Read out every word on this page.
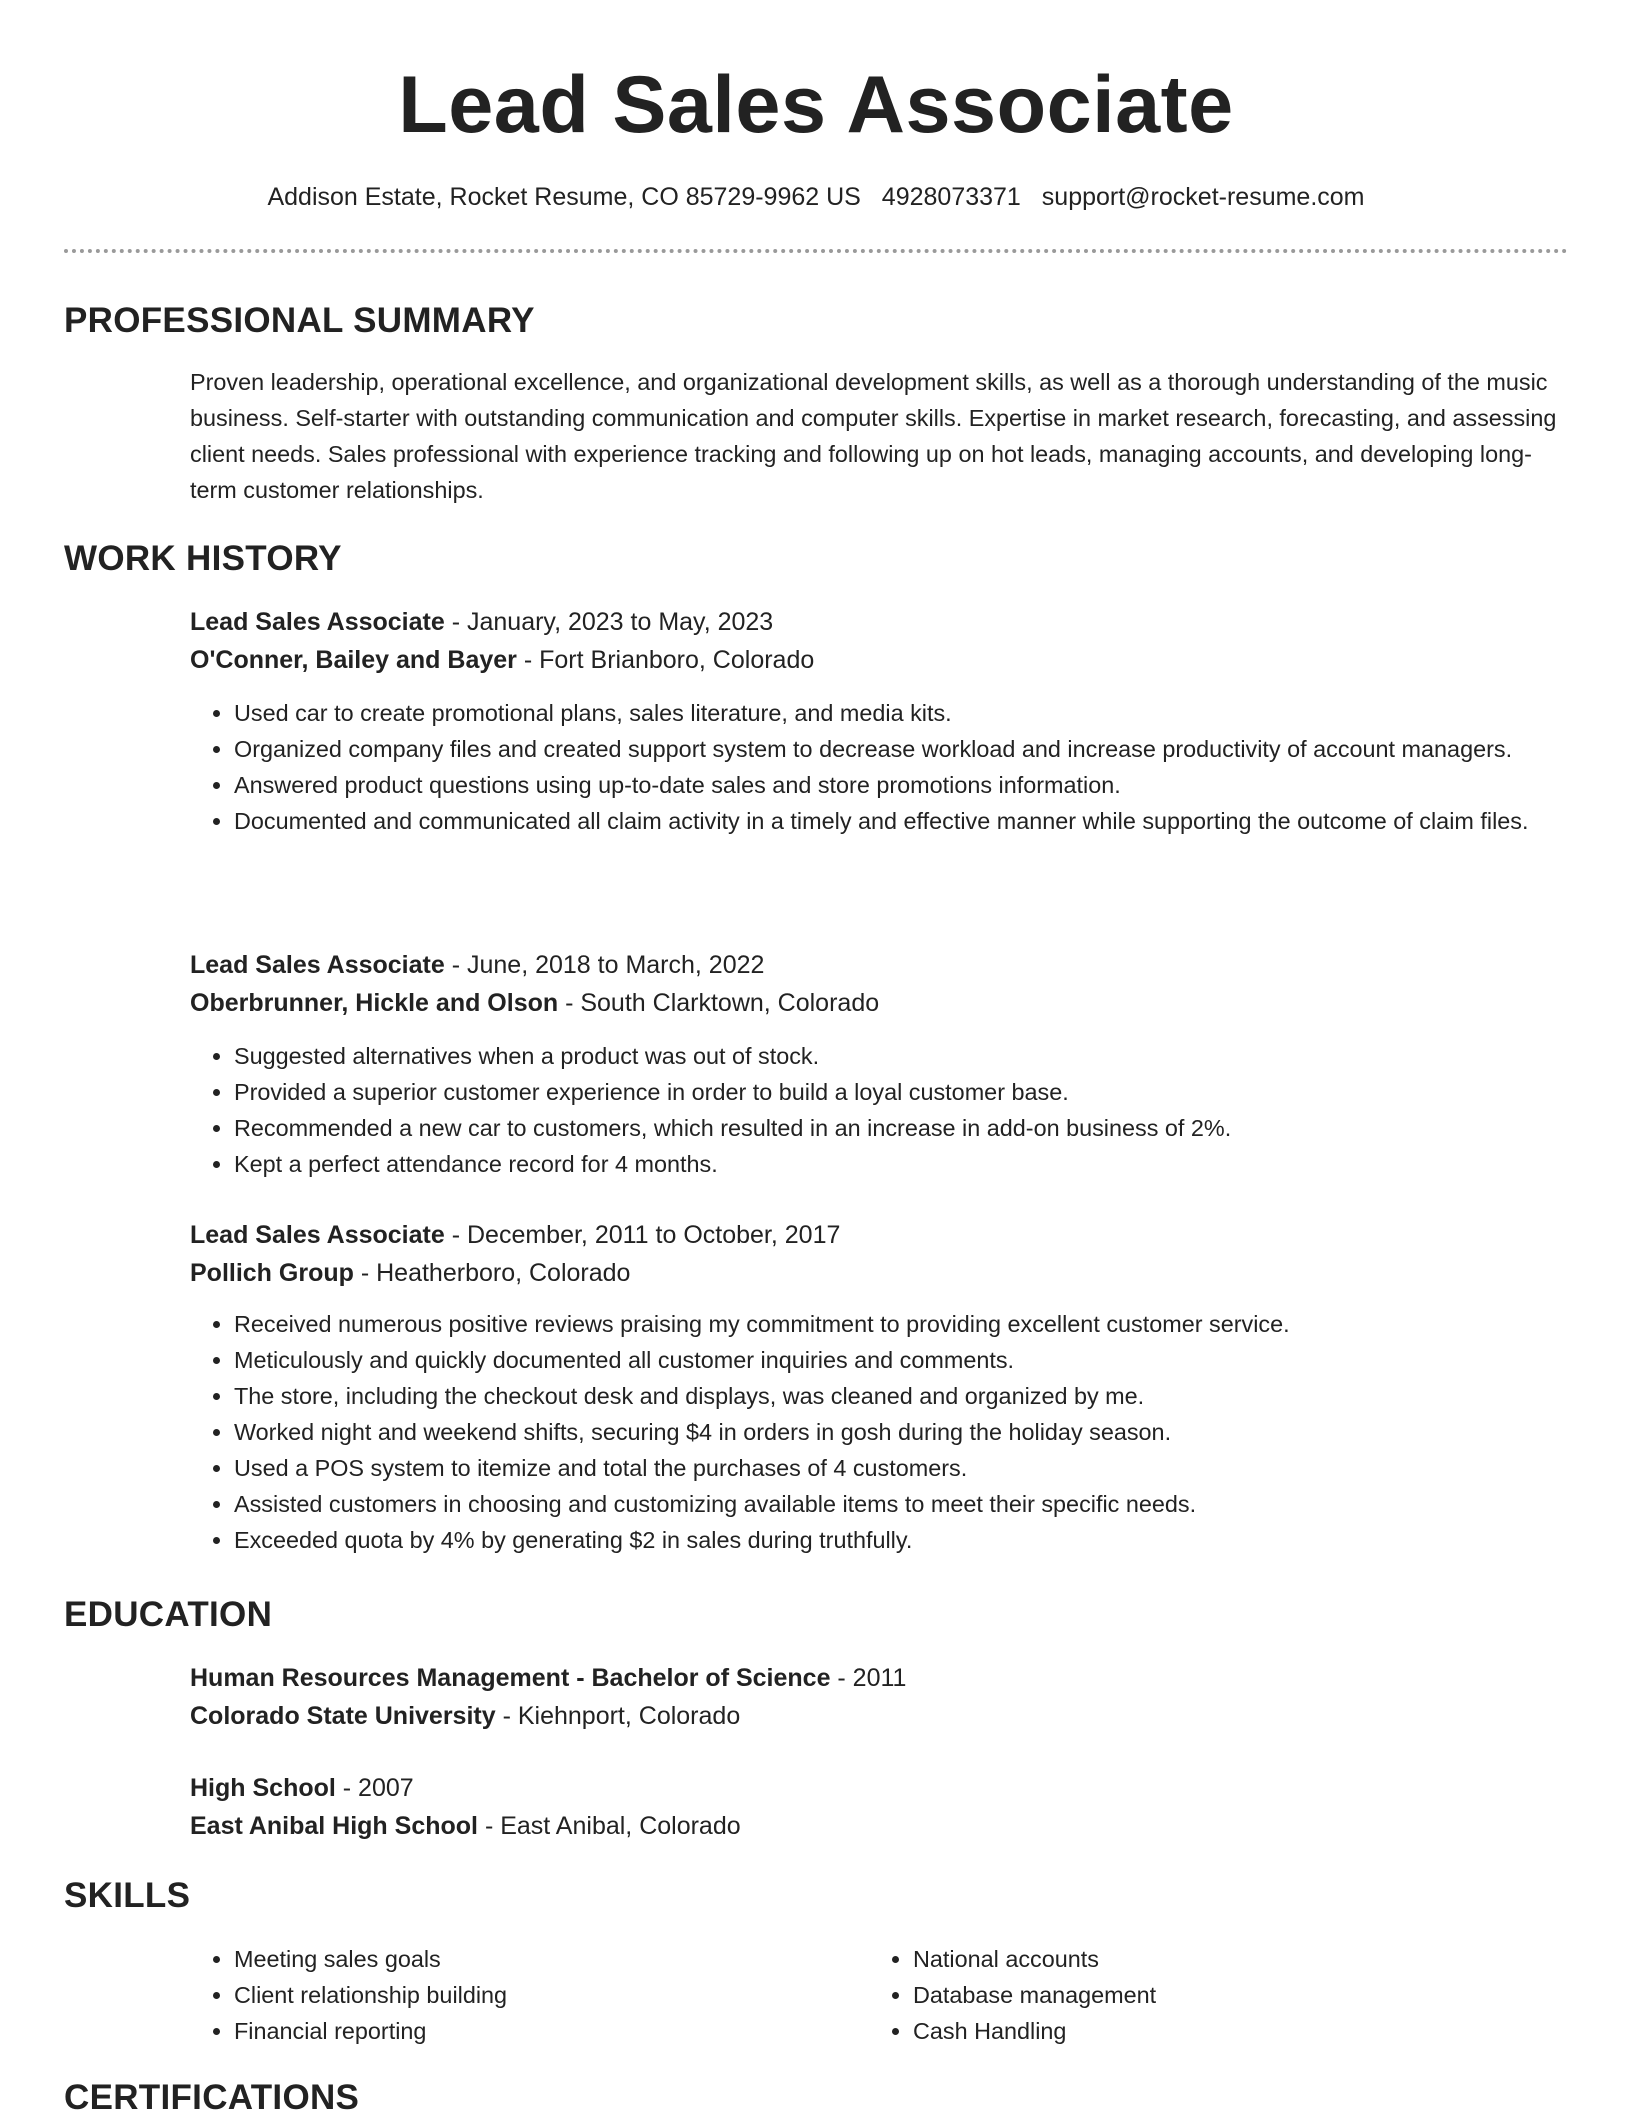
Lead Sales Associate
Addison Estate, Rocket Resume, CO 85729-9962 US 4928073371 support@rocket-resume.com
PROFESSIONAL SUMMARY

Proven leadership, operational excellence, and organizational development skills, as well as a thorough understanding of the music business. Self-starter with outstanding communication and computer skills. Expertise in market research, forecasting, and assessing client needs. Sales professional with experience tracking and following up on hot leads, managing accounts, and developing long-term customer relationships.

WORK HISTORY
Lead Sales Associate - January, 2023 to May, 2023
O'Conner, Bailey and Bayer - Fort Brianboro, Colorado
• Used car to create promotional plans, sales literature, and media kits.
• Organized company files and created support system to decrease workload and increase productivity of account managers.
• Answered product questions using up-to-date sales and store promotions information.
• Documented and communicated all claim activity in a timely and effective manner while supporting the outcome of claim files.
Lead Sales Associate - June, 2018 to March, 2022
Oberbrunner, Hickle and Olson - South Clarktown, Colorado
• Suggested alternatives when a product was out of stock.
• Provided a superior customer experience in order to build a loyal customer base.
• Recommended a new car to customers, which resulted in an increase in add-on business of 2%.
• Kept a perfect attendance record for 4 months.
Lead Sales Associate - December, 2011 to October, 2017
Pollich Group - Heatherboro, Colorado
• Received numerous positive reviews praising my commitment to providing excellent customer service.
• Meticulously and quickly documented all customer inquiries and comments.
• The store, including the checkout desk and displays, was cleaned and organized by me.
• Worked night and weekend shifts, securing $4 in orders in gosh during the holiday season.
• Used a POS system to itemize and total the purchases of 4 customers.
• Assisted customers in choosing and customizing available items to meet their specific needs.
• Exceeded quota by 4% by generating $2 in sales during truthfully.
EDUCATION
Human Resources Management - Bachelor of Science - 2011
Colorado State University - Kiehnport, Colorado
High School - 2007
East Anibal High School - East Anibal, Colorado
SKILLS
• Meeting sales goals
• Client relationship building
• Financial reporting
• National accounts
• Database management
• Cash Handling
CERTIFICATIONS
